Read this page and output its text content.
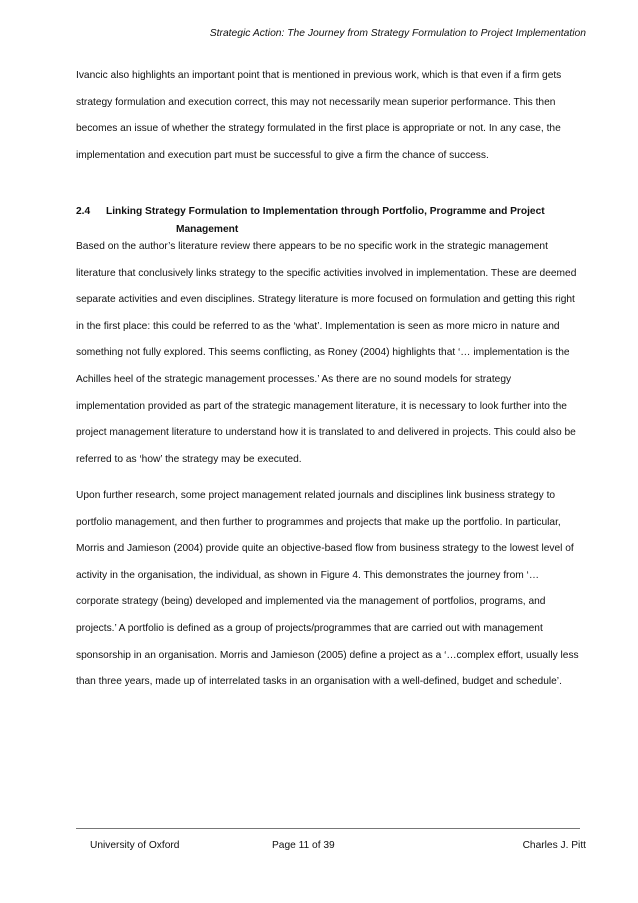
Strategic Action: The Journey from Strategy Formulation to Project Implementation

Ivancic also highlights an important point that is mentioned in previous work, which is that even if a firm gets strategy formulation and execution correct, this may not necessarily mean superior performance. This then becomes an issue of whether the strategy formulated in the first place is appropriate or not. In any case, the implementation and execution part must be successful to give a firm the chance of success.

2.4 Linking Strategy Formulation to Implementation through Portfolio, Programme and Project
Management

Based on the author’s literature review there appears to be no specific work in the strategic management literature that conclusively links strategy to the specific activities involved in implementation. These are deemed separate activities and even disciplines. Strategy literature is more focused on formulation and getting this right in the first place: this could be referred to as the ‘what’. Implementation is seen as more micro in nature and something not fully explored. This seems conflicting, as Roney (2004) highlights that ‘… implementation is the Achilles heel of the strategic management processes.’ As there are no sound models for strategy implementation provided as part of the strategic management literature, it is necessary to look further into the project management literature to understand how it is translated to and delivered in projects. This could also be referred to as ‘how’ the strategy may be executed.

Upon further research, some project management related journals and disciplines link business strategy to portfolio management, and then further to programmes and projects that make up the portfolio. In particular, Morris and Jamieson (2004) provide quite an objective-based flow from business strategy to the lowest level of activity in the organisation, the individual, as shown in Figure 4. This demonstrates the journey from ‘…corporate strategy (being) developed and implemented via the management of portfolios, programs, and projects.’ A portfolio is defined as a group of projects/programmes that are carried out with management sponsorship in an organisation. Morris and Jamieson (2005) define a project as a ‘…complex effort, usually less than three years, made up of interrelated tasks in an organisation with a well-defined, budget and schedule’.

University of Oxford	Page 11 of 39	Charles J. Pitt
